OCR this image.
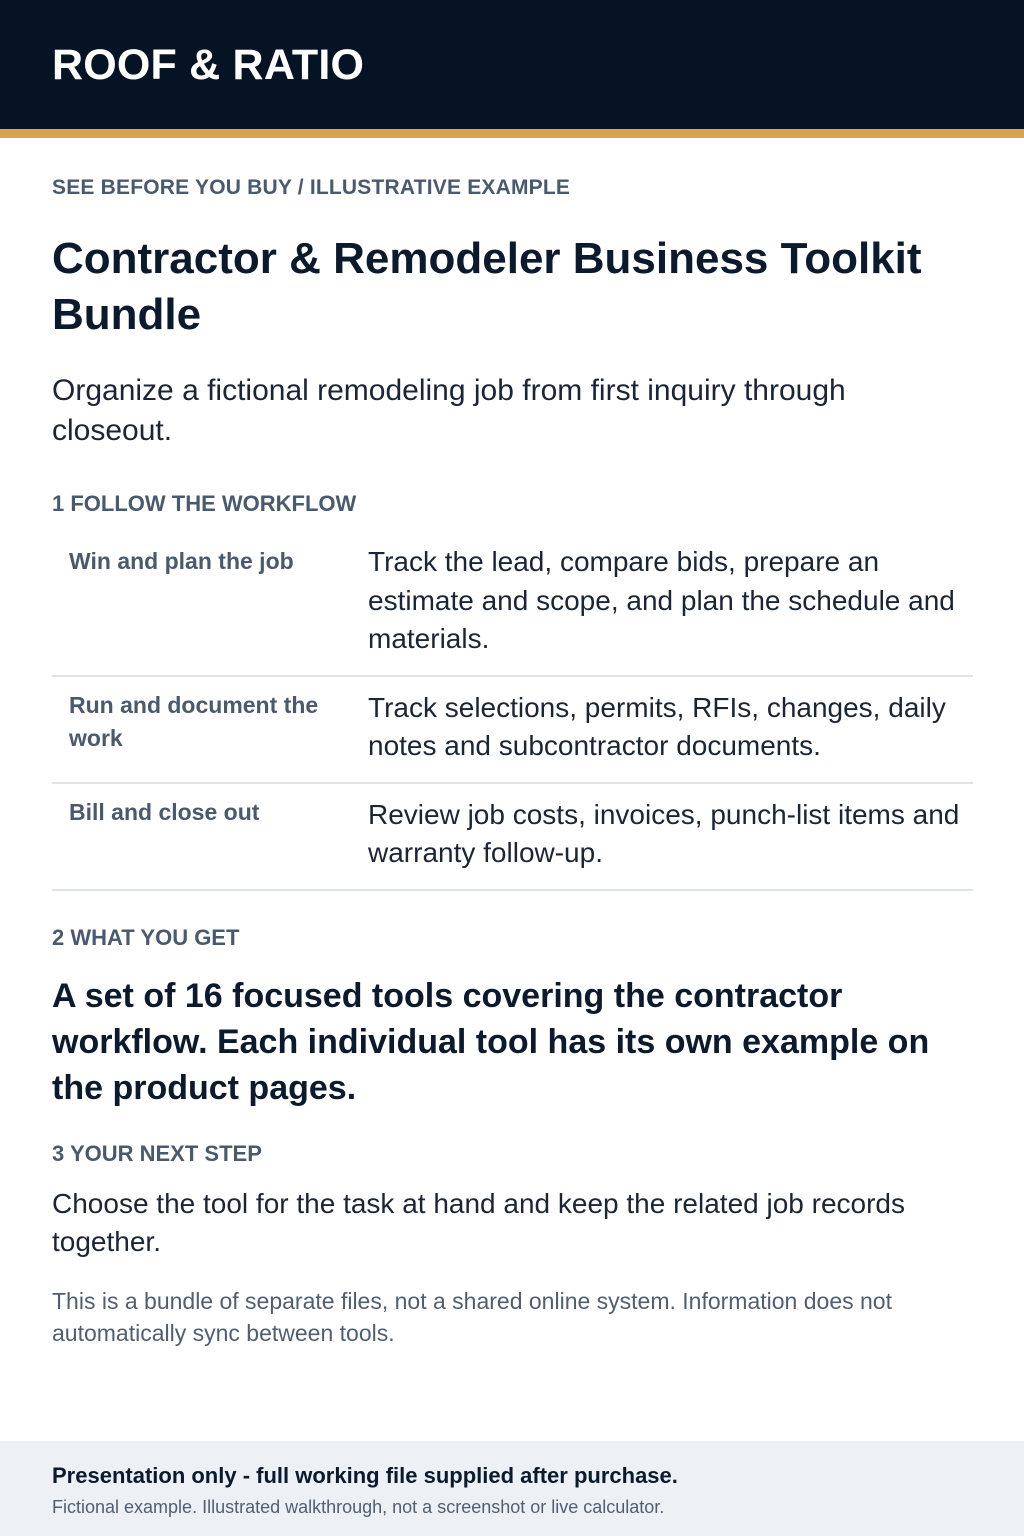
ROOF & RATIO
SEE BEFORE YOU BUY / ILLUSTRATIVE EXAMPLE
Contractor & Remodeler Business Toolkit Bundle
Organize a fictional remodeling job from first inquiry through closeout.
1 FOLLOW THE WORKFLOW
Win and plan the job	Track the lead, compare bids, prepare an estimate and scope, and plan the schedule and materials.
Run and document the work
Track selections, permits, RFIs, changes, daily notes and subcontractor documents.
Bill and close out	Review job costs, invoices, punch-list items and warranty follow-up.
2 WHAT YOU GET
A set of 16 focused tools covering the contractor workflow. Each individual tool has its own example on the product pages.
3 YOUR NEXT STEP
Choose the tool for the task at hand and keep the related job records together.
This is a bundle of separate files, not a shared online system. Information does not automatically sync between tools.
Presentation only - full working file supplied after purchase.
Fictional example. Illustrated walkthrough, not a screenshot or live calculator.
